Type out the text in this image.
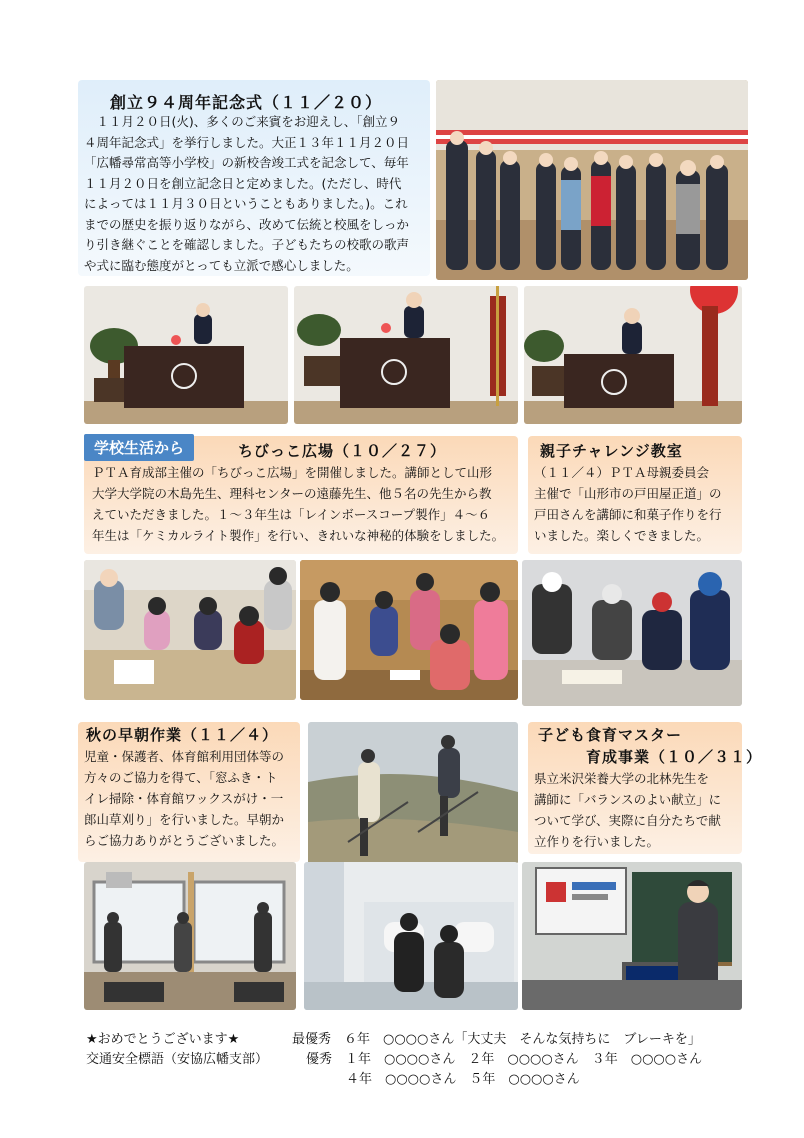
創立９４周年記念式（１１／２０）
　１１月２０日(火)、多くのご来賓をお迎えし、「創立９
４周年記念式」を挙行しました。大正１３年１１月２０日
「広幡尋常高等小学校」の新校舎竣工式を記念して、毎年
１１月２０日を創立記念日と定めました。(ただし、時代
によっては１１月３０日ということもありました。)。これ
までの歴史を振り返りながら、改めて伝統と校風をしっか
り引き継ぐことを確認しました。子どもたちの校歌の歌声
や式に臨む態度がとっても立派で感心しました。
学校生活から	ちびっこ広場（１０／２７）
ＰＴＡ育成部主催の「ちびっこ広場」を開催しました。講師として山形
大学大学院の木島先生、理科センターの遠藤先生、他５名の先生から教
えていただきました。１～３年生は「レインボースコープ製作」４～６
年生は「ケミカルライト製作」を行い、きれいな神秘的体験をしました。
親子チャレンジ教室
（１１／４）ＰＴＡ母親委員会
主催で「山形市の戸田屋正道」の
戸田さんを講師に和菓子作りを行
いました。楽しくできました。
秋の早朝作業（１１／４）
児童・保護者、体育館利用団体等の
方々のご協力を得て、「窓ふき・ト
イレ掃除・体育館ワックスがけ・一
郎山草刈り」を行いました。早朝か
らご協力ありがとうございました。
子ども食育マスター
育成事業（１０／３１）
県立米沢栄養大学の北林先生を
講師に「バランスのよい献立」に
ついて学び、実際に自分たちで献
立作りを行いました。
★おめでとうございます★	最優秀　６年　○○○○さん「大丈夫　そんな気持ちに　ブレーキを」
交通安全標語（安協広幡支部）	優秀　１年　○○○○さん　２年　○○○○さん　３年　○○○○さん
４年　○○○○さん　５年　○○○○さん
